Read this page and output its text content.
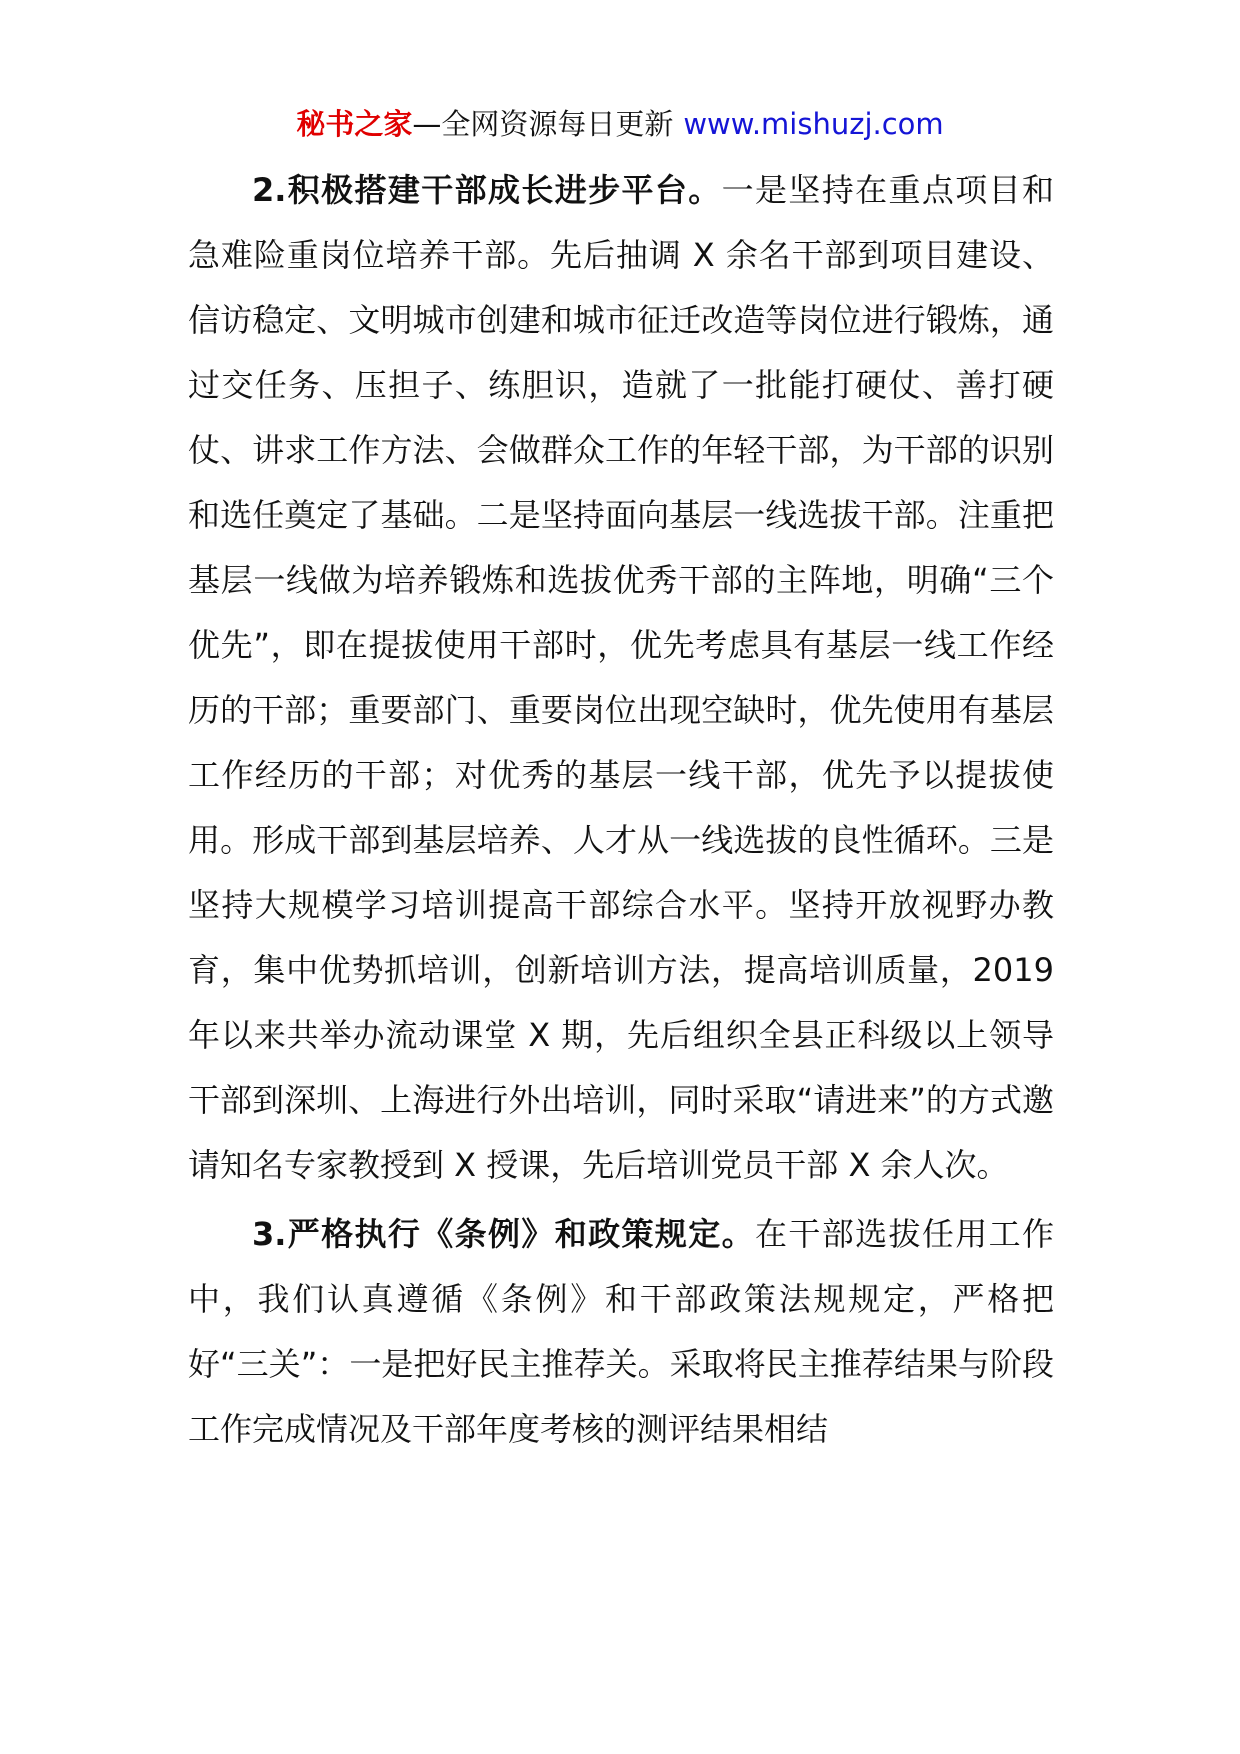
秘书之家—全网资源每日更新 www.mishuzj.com

2.积极搭建干部成长进步平台。一是坚持在重点项目和急难险重岗位培养干部。先后抽调 X 余名干部到项目建设、信访稳定、文明城市创建和城市征迁改造等岗位进行锻炼，通过交任务、压担子、练胆识，造就了一批能打硬仗、善打硬仗、讲求工作方法、会做群众工作的年轻干部，为干部的识别和选任奠定了基础。二是坚持面向基层一线选拔干部。注重把基层一线做为培养锻炼和选拔优秀干部的主阵地，明确“三个优先”，即在提拔使用干部时，优先考虑具有基层一线工作经历的干部；重要部门、重要岗位出现空缺时，优先使用有基层工作经历的干部；对优秀的基层一线干部，优先予以提拔使用。形成干部到基层培养、人才从一线选拔的良性循环。三是坚持大规模学习培训提高干部综合水平。坚持开放视野办教育，集中优势抓培训，创新培训方法，提高培训质量，2019 年以来共举办流动课堂 X 期，先后组织全县正科级以上领导干部到深圳、上海进行外出培训，同时采取“请进来”的方式邀请知名专家教授到 X 授课，先后培训党员干部 X 余人次。

3.严格执行《条例》和政策规定。在干部选拔任用工作中，我们认真遵循《条例》和干部政策法规规定，严格把好“三关”：一是把好民主推荐关。采取将民主推荐结果与阶段工作完成情况及干部年度考核的测评结果相结
